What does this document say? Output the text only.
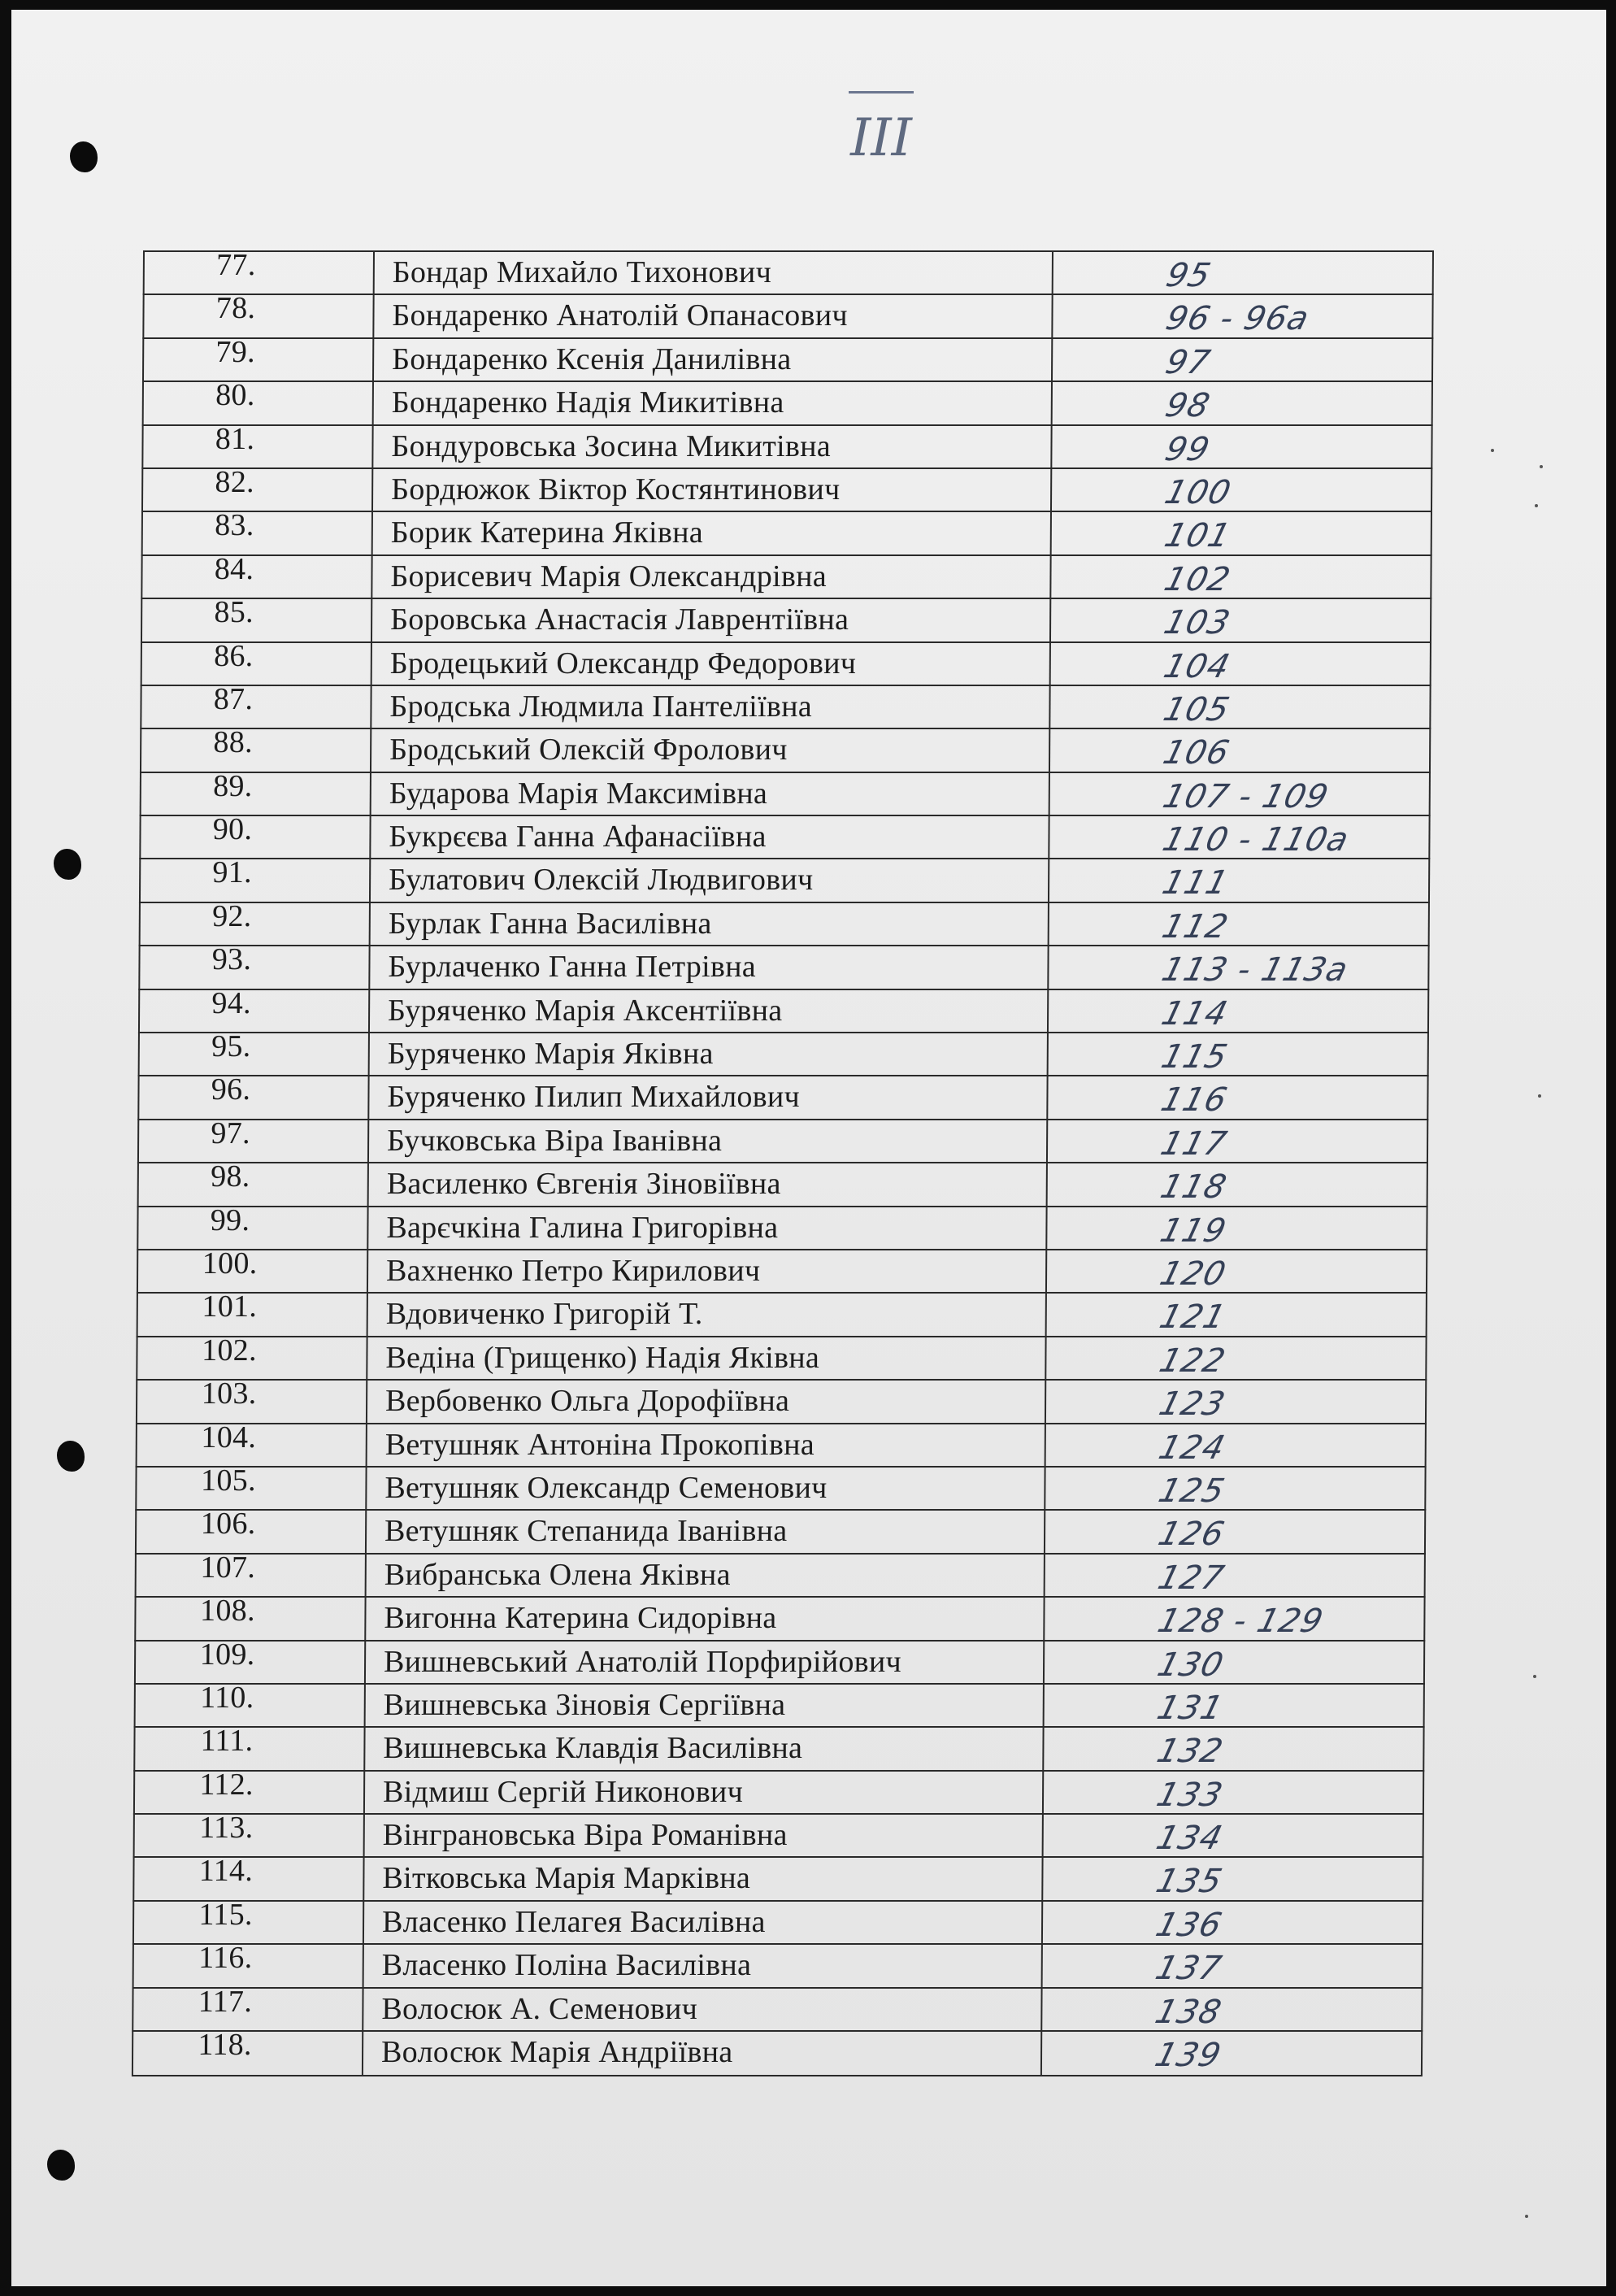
III
77.	Бондар Михайло Тихонович	95
78.	Бондаренко Анатолій Опанасович	96 - 96а
79.	Бондаренко Ксенія Данилівна	97
80.	Бондаренко Надія Микитівна	98
81.	Бондуровська Зосина Микитівна	99
82.	Бордюжок Віктор Костянтинович	100
83.	Борик Катерина Яківна	101
84.	Борисевич Марія Олександрівна	102
85.	Боровська Анастасія Лаврентіївна	103
86.	Бродецький Олександр Федорович	104
87.	Бродська Людмила Пантеліївна	105
88.	Бродський Олексій Фролович	106
89.	Бударова Марія Максимівна	107 - 109
90.	Букрєєва Ганна Афанасіївна	110 - 110а
91.	Булатович Олексій Людвигович	111
92.	Бурлак Ганна Василівна	112
93.	Бурлаченко Ганна Петрівна	113 - 113а
94.	Буряченко Марія Аксентіївна	114
95.	Буряченко Марія Яківна	115
96.	Буряченко Пилип Михайлович	116
97.	Бучковська Віра Іванівна	117
98.	Василенко Євгенія Зіновіївна	118
99.	Варєчкіна Галина Григорівна	119
100.	Вахненко Петро Кирилович	120
101.	Вдовиченко Григорій Т.	121
102.	Ведіна (Грищенко) Надія Яківна	122
103.	Вербовенко Ольга Дорофіївна	123
104.	Ветушняк Антоніна Прокопівна	124
105.	Ветушняк Олександр Семенович	125
106.	Ветушняк Степанида Іванівна	126
107.	Вибранська Олена Яківна	127
108.	Вигонна Катерина Сидорівна	128 - 129
109.	Вишневський Анатолій Порфирійович	130
110.	Вишневська Зіновія Сергіївна	131
111.	Вишневська Клавдія Василівна	132
112.	Відмиш Сергій Никонович	133
113.	Вінграновська Віра Романівна	134
114.	Вітковська Марія Марківна	135
115.	Власенко Пелагея Василівна	136
116.	Власенко Поліна Василівна	137
117.	Волосюк А. Семенович	138
118.	Волосюк Марія Андріївна	139
